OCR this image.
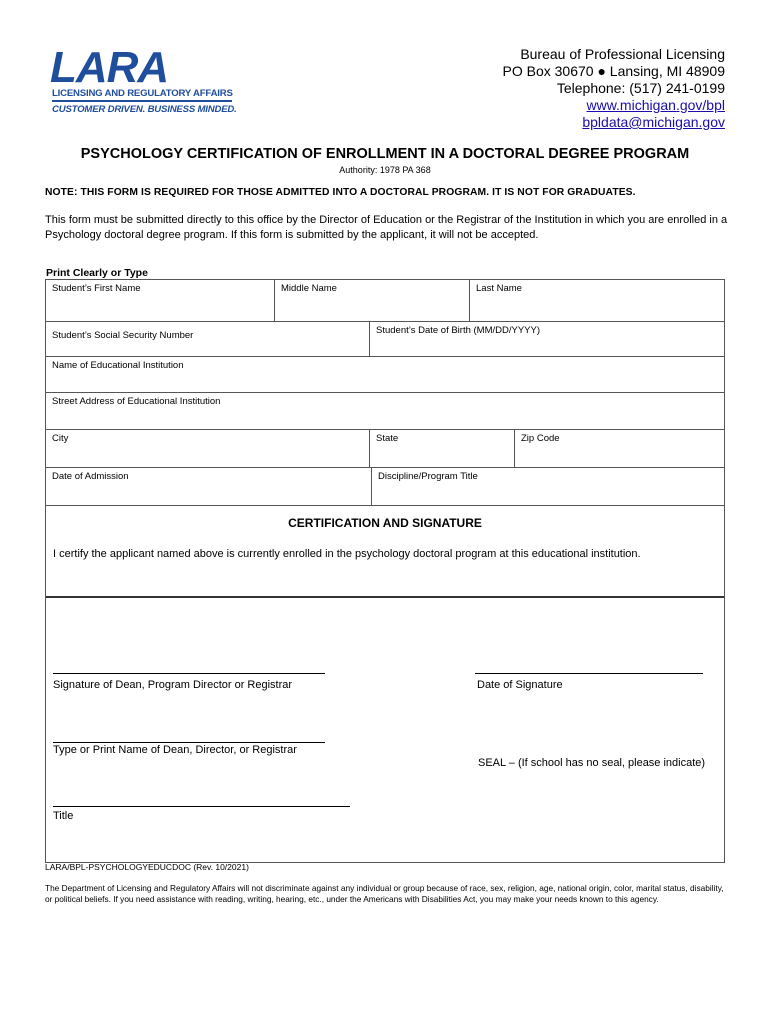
LARA
LICENSING AND REGULATORY AFFAIRS
CUSTOMER DRIVEN. BUSINESS MINDED.
Bureau of Professional Licensing
PO Box 30670 ● Lansing, MI 48909
Telephone: (517) 241-0199
www.michigan.gov/bpl
bpldata@michigan.gov
PSYCHOLOGY CERTIFICATION OF ENROLLMENT IN A DOCTORAL DEGREE PROGRAM
Authority: 1978 PA 368
NOTE: THIS FORM IS REQUIRED FOR THOSE ADMITTED INTO A DOCTORAL PROGRAM. IT IS NOT FOR GRADUATES.
This form must be submitted directly to this office by the Director of Education or the Registrar of the Institution in which you are enrolled in a Psychology doctoral degree program. If this form is submitted by the applicant, it will not be accepted.
Print Clearly or Type
Student’s First Name	Middle Name	Last Name
Student’s Social Security Number	Student’s Date of Birth (MM/DD/YYYY)
Name of Educational Institution
Street Address of Educational Institution
City	State	Zip Code
Date of Admission	Discipline/Program Title
CERTIFICATION AND SIGNATURE
I certify the applicant named above is currently enrolled in the psychology doctoral program at this educational institution.
Signature of Dean, Program Director or Registrar	Date of Signature
Type or Print Name of Dean, Director, or Registrar
SEAL – (If school has no seal, please indicate)
Title
LARA/BPL-PSYCHOLOGYEDUCDOC (Rev. 10/2021)
The Department of Licensing and Regulatory Affairs will not discriminate against any individual or group because of race, sex, religion, age, national origin, color, marital status, disability, or political beliefs. If you need assistance with reading, writing, hearing, etc., under the Americans with Disabilities Act, you may make your needs known to this agency.
